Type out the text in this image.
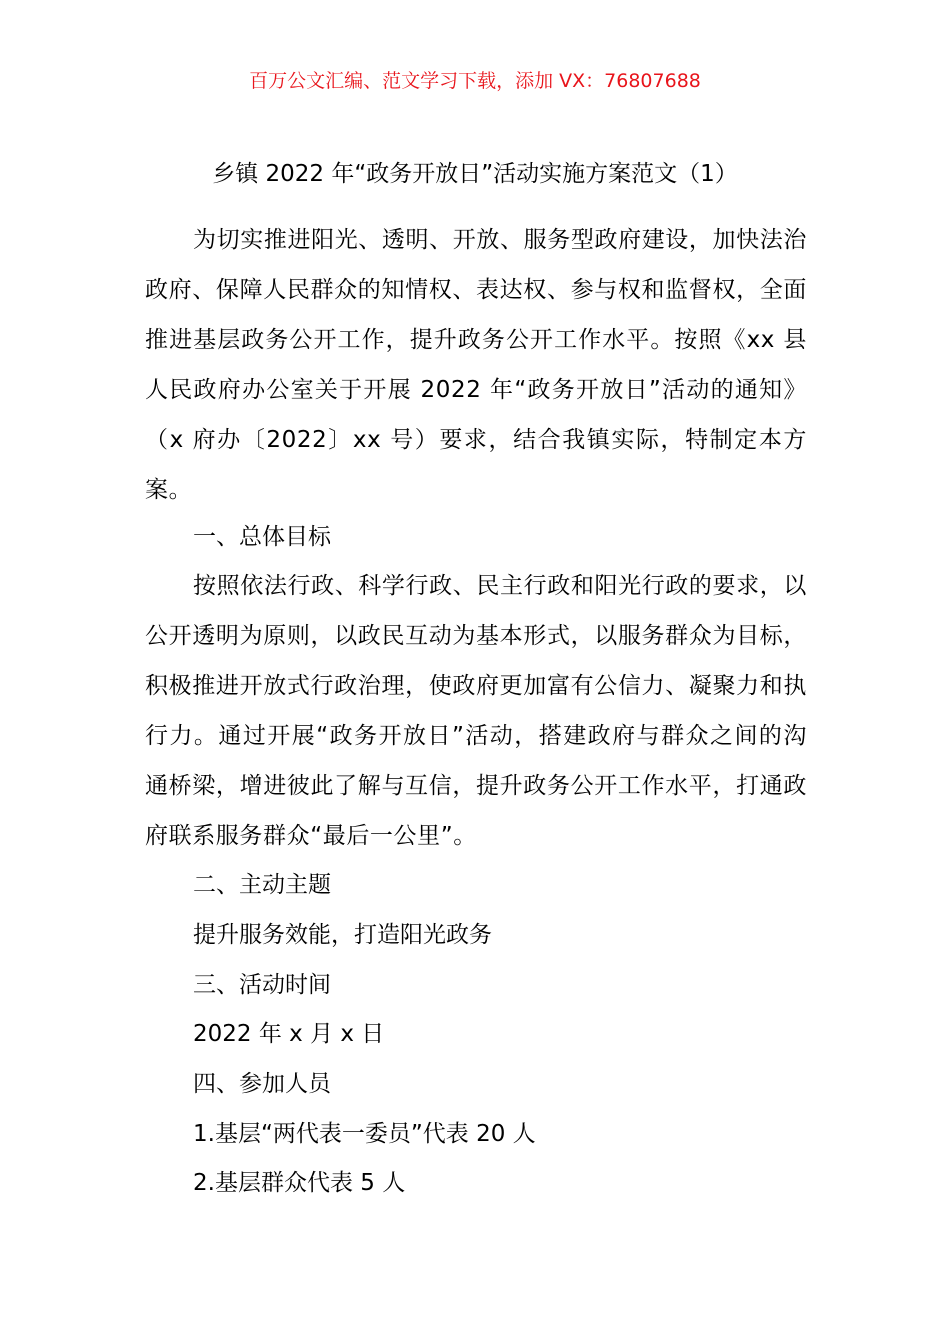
百万公文汇编、范文学习下载，添加 VX：76807688
乡镇 2022 年“政务开放日”活动实施方案范文（1）

为切实推进阳光、透明、开放、服务型政府建设，加快法治政府、保障人民群众的知情权、表达权、参与权和监督权，全面推进基层政务公开工作，提升政务公开工作水平。按照《xx 县人民政府办公室关于开展 2022 年“政务开放日”活动的通知》（x 府办〔2022〕xx 号）要求，结合我镇实际，特制定本方案。

一、总体目标

按照依法行政、科学行政、民主行政和阳光行政的要求，以公开透明为原则，以政民互动为基本形式，以服务群众为目标，积极推进开放式行政治理，使政府更加富有公信力、凝聚力和执行力。通过开展“政务开放日”活动，搭建政府与群众之间的沟通桥梁，增进彼此了解与互信，提升政务公开工作水平，打通政府联系服务群众“最后一公里”。

二、主动主题

提升服务效能，打造阳光政务

三、活动时间

2022 年 x 月 x 日

四、参加人员

1.基层“两代表一委员”代表 20 人

2.基层群众代表 5 人
